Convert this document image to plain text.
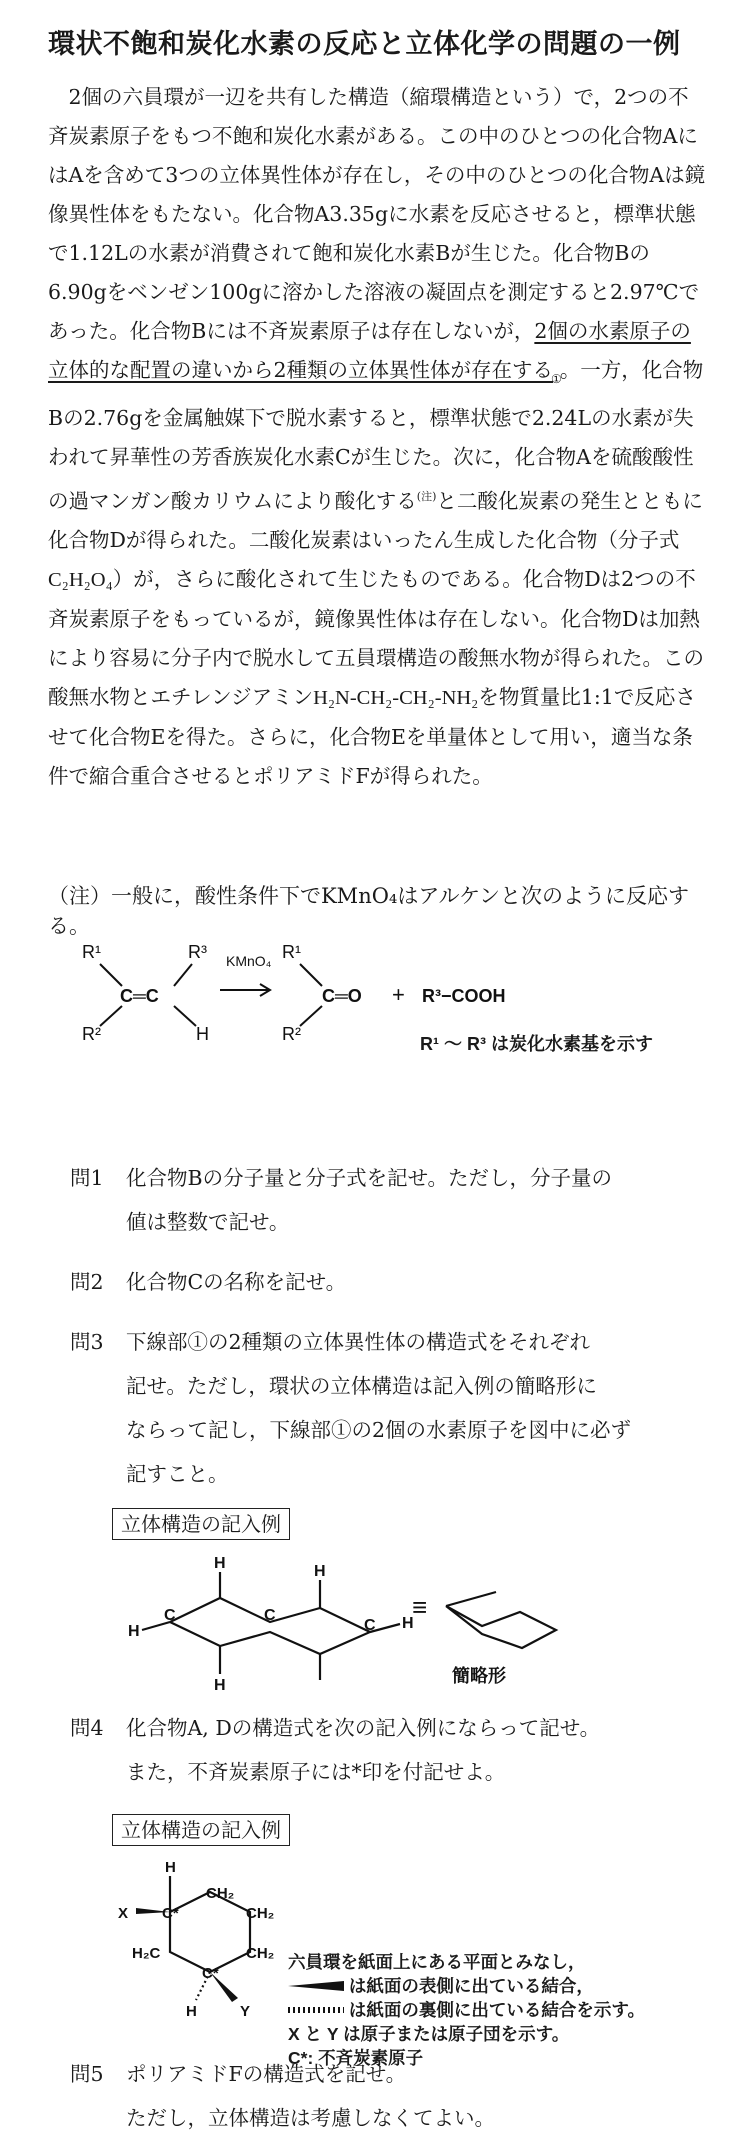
環状不飽和炭化水素の反応と立体化学の問題の一例

2個の六員環が一辺を共有した構造（縮環構造という）で，2つの不斉炭素原子をもつ不飽和炭化水素がある。この中のひとつの化合物AにはAを含めて3つの立体異性体が存在し，その中のひとつの化合物Aは鏡像異性体をもたない。化合物A3.35gに水素を反応させると，標準状態で1.12Lの水素が消費されて飽和炭化水素Bが生じた。化合物Bの6.90gをベンゼン100gに溶かした溶液の凝固点を測定すると2.97℃であった。化合物Bには不斉炭素原子は存在しないが，2個の水素原子の立体的な配置の違いから2種類の立体異性体が存在する$_①$。一方，化合物Bの2.76gを金属触媒下で脱水素すると，標準状態で2.24Lの水素が失われて昇華性の芳香族炭化水素Cが生じた。次に，化合物Aを硫酸酸性の過マンガン酸カリウムにより酸化する$^{(注)}$と二酸化炭素の発生とともに化合物Dが得られた。二酸化炭素はいったん生成した化合物（分子式C₂H₂O₄）が，さらに酸化されて生じたものである。化合物Dは2つの不斉炭素原子をもっているが，鏡像異性体は存在しない。化合物Dは加熱により容易に分子内で脱水して五員環構造の酸無水物が得られた。この酸無水物とエチレンジアミンH₂N-CH₂-CH₂-NH₂を物質量比1:1で反応させて化合物Eを得た。さらに，化合物Eを単量体として用い，適当な条件で縮合重合させるとポリアミドFが得られた。

（注）一般に，酸性条件下でKMnO₄はアルケンと次のように反応する。

R¹
R²
R³
H
C═C
KMnO₄ R¹
R²
C═O + R³−COOH
R¹ ～ R³ は炭化水素基を示す
問1 化合物Bの分子量と分子式を記せ。ただし，分子量の
値は整数で記せ。
問2 化合物Cの名称を記せ。
問3 下線部①の2種類の立体異性体の構造式をそれぞれ
記せ。ただし，環状の立体構造は記入例の簡略形に
ならって記し，下線部①の2個の水素原子を図中に必ず
記すこと。
立体構造の記入例
H	H
H	H
H
C	C
C
≡
簡略形
問4 化合物A, Dの構造式を次の記入例にならって記せ。
また，不斉炭素原子には*印を付記せよ。
立体構造の記入例
H
X C*
CH₂
CH₂
H₂C	CH₂
C*
H	Y
六員環を紙面上にある平面とみなし，
は紙面の表側に出ている結合，
は紙面の裏側に出ている結合を示す。
X と Y は原子または原子団を示す。
C*: 不斉炭素原子
問5 ポリアミドFの構造式を記せ。
ただし，立体構造は考慮しなくてよい。
